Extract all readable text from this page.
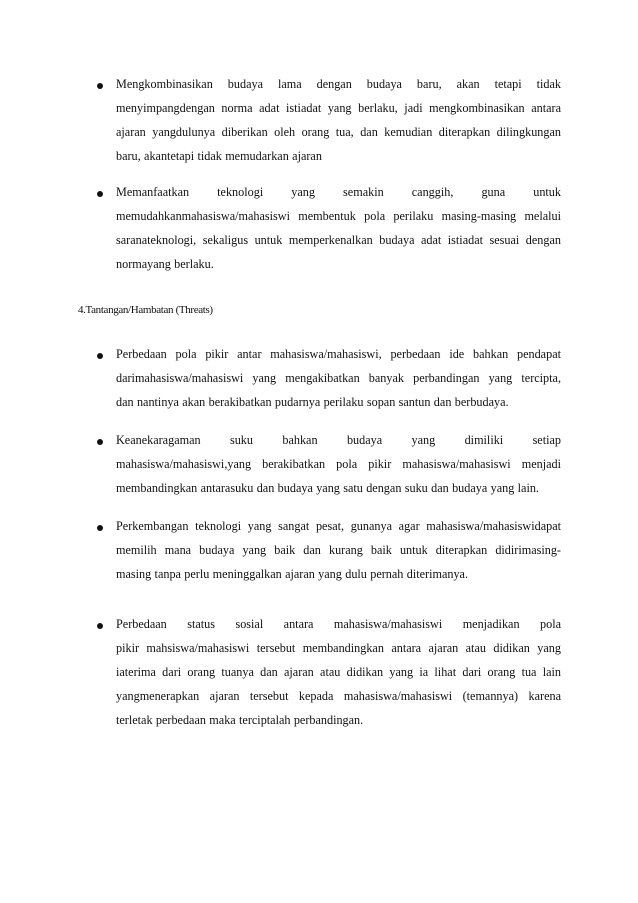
Mengkombinasikan budaya lama dengan budaya baru, akan tetapi tidak
menyimpangdengan norma adat istiadat yang berlaku, jadi mengkombinasikan antara
ajaran yangdulunya diberikan oleh orang tua, dan kemudian diterapkan dilingkungan
baru, akantetapi tidak memudarkan ajaran
Memanfaatkan teknologi yang semakin canggih, guna untuk
memudahkanmahasiswa/mahasiswi membentuk pola perilaku masing-masing melalui
saranateknologi, sekaligus untuk memperkenalkan budaya adat istiadat sesuai dengan
normayang berlaku.
4.Tantangan/Hambatan (Threats)
Perbedaan pola pikir antar mahasiswa/mahasiswi, perbedaan ide bahkan pendapat
darimahasiswa/mahasiswi yang mengakibatkan banyak perbandingan yang tercipta,
dan nantinya akan berakibatkan pudarnya perilaku sopan santun dan berbudaya.
Keanekaragaman suku bahkan budaya yang dimiliki setiap
mahasiswa/mahasiswi,yang berakibatkan pola pikir mahasiswa/mahasiswi menjadi
membandingkan antarasuku dan budaya yang satu dengan suku dan budaya yang lain.
Perkembangan teknologi yang sangat pesat, gunanya agar mahasiswa/mahasiswidapat
memilih mana budaya yang baik dan kurang baik untuk diterapkan didirimasing-
masing tanpa perlu meninggalkan ajaran yang dulu pernah diterimanya.
Perbedaan status sosial antara mahasiswa/mahasiswi menjadikan pola
pikir mahsiswa/mahasiswi tersebut membandingkan antara ajaran atau didikan yang
iaterima dari orang tuanya dan ajaran atau didikan yang ia lihat dari orang tua lain
yangmenerapkan ajaran tersebut kepada mahasiswa/mahasiswi (temannya) karena
terletak perbedaan maka terciptalah perbandingan.
